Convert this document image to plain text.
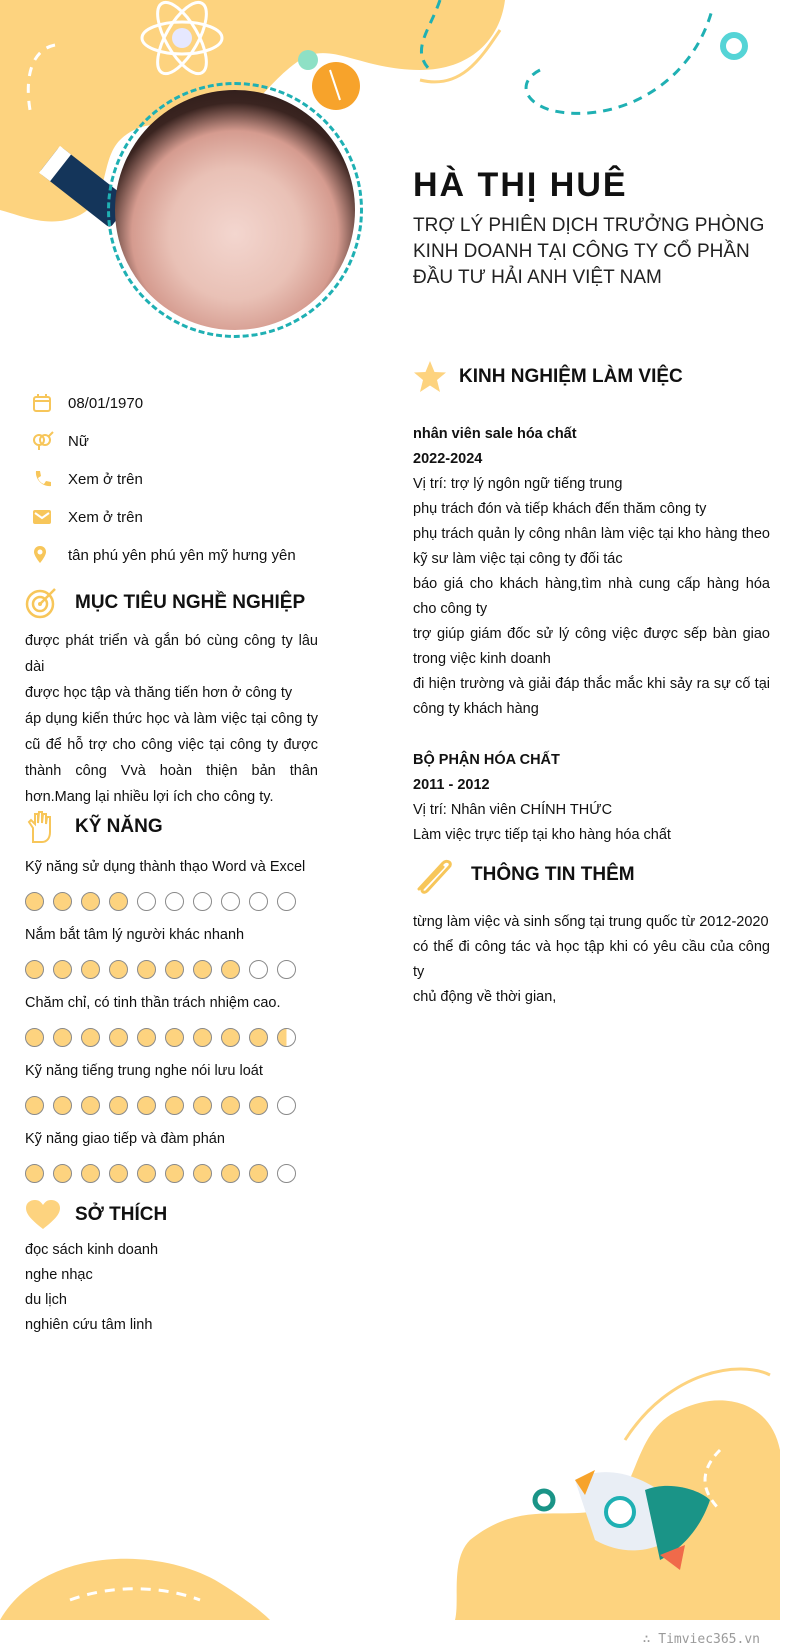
HÀ THỊ HUÊ

TRỢ LÝ PHIÊN DỊCH TRƯỞNG PHÒNG KINH DOANH TẠI CÔNG TY CỔ PHẦN ĐẦU TƯ HẢI ANH VIỆT NAM

08/01/1970
Nữ
Xem ở trên
Xem ở trên
tân phú yên phú yên mỹ hưng yên
MỤC TIÊU NGHỀ NGHIỆP
được phát triển và gắn bó cùng công ty lâu dài
được học tập và thăng tiến hơn ở công ty
áp dụng kiến thức học và làm việc tại công ty cũ để hỗ trợ cho công việc tại công ty được thành công Vvà hoàn thiện bản thân hơn.Mang lại nhiều lợi ích cho công ty.
KỸ NĂNG
Kỹ năng sử dụng thành thạo Word và Excel
Nắm bắt tâm lý người khác nhanh
Chăm chỉ, có tinh thần trách nhiệm cao.
Kỹ năng tiếng trung nghe nói lưu loát
Kỹ năng giao tiếp và đàm phán
SỞ THÍCH
đọc sách kinh doanh
nghe nhạc
du lịch
nghiên cứu tâm linh
KINH NGHIỆM LÀM VIỆC
nhân viên sale hóa chất
2022-2024
Vị trí: trợ lý ngôn ngữ tiếng trung
phụ trách đón và tiếp khách đến thăm công ty
phụ trách quản ly công nhân làm việc tại kho hàng theo kỹ sư làm việc tại công ty đối tác
báo giá cho khách hàng,tìm nhà cung cấp hàng hóa cho công ty
trợ giúp giám đốc sử lý công việc được sếp bàn giao trong việc kinh doanh
đi hiện trường và giải đáp thắc mắc khi sảy ra sự cố tại công ty khách hàng
BỘ PHẬN HÓA CHẤT
2011 - 2012
Vị trí: Nhân viên CHÍNH THỨC
Làm việc trực tiếp tại kho hàng hóa chất
THÔNG TIN THÊM
từng làm việc và sinh sống tại trung quốc từ 2012-2020
có thể đi công tác và học tập khi có yêu cầu của công ty
chủ động về thời gian,
∴ Timviec365.vn
